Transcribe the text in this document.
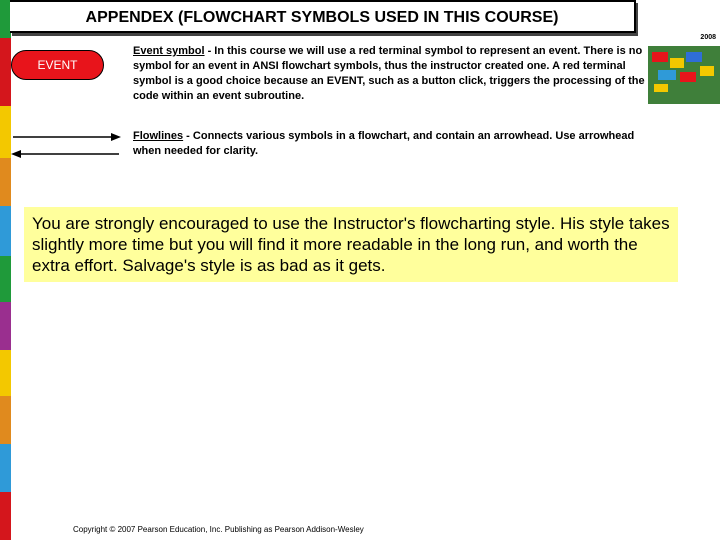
APPENDEX (FLOWCHART SYMBOLS USED IN THIS COURSE)
2008
EVENT
Event symbol - In this course we will use a red terminal symbol to represent an event. There is no symbol for an event in ANSI flowchart symbols, thus the instructor created one. A red terminal symbol is a good choice because an EVENT, such as a button click, triggers the processing of the code within an event subroutine.
Flowlines - Connects various symbols in a flowchart, and contain an arrowhead. Use arrowhead when needed for clarity.
You are strongly encouraged to use the Instructor's flowcharting style. His style takes slightly more time but you will find it more readable in the long run, and worth the extra effort. Salvage's style is as bad as it gets.
Copyright © 2007 Pearson Education, Inc. Publishing as Pearson Addison-Wesley
